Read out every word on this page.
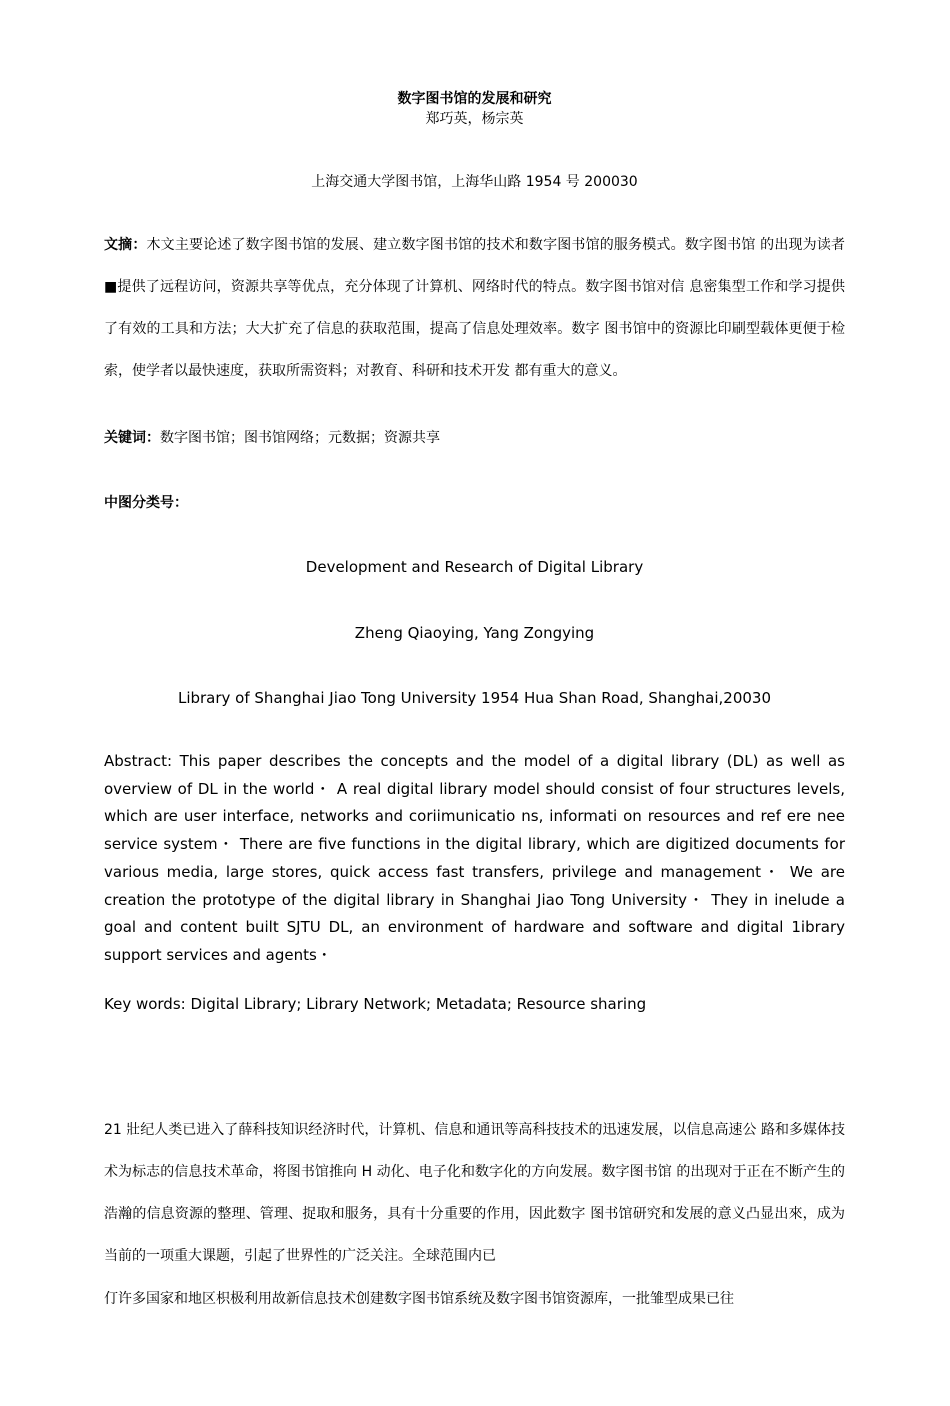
数字图书馆的发展和研究
郑巧英，杨宗英
上海交通大学图书馆，上海华山路 1954 号 200030
文摘：木文主要论述了数字图书馆的发展、建立数字图书馆的技术和数字图书馆的服务模式。数字图书馆 的出现为读者■提供了远程访问，资源共享等优点，充分体现了计算机、网络时代的特点。数字图书馆对信 息密集型工作和学习提供了有效的工具和方法；大大扩充了信息的获取范围，提高了信息处理效率。数字 图书馆中的资源比印刷型载体更便于检索，使学者以最快速度，获取所需资料；对教育、科研和技术开发 都有重大的意义。
关键词：数字图书馆；图书馆网络；元数据；资源共享
中图分类号：
Development and Research of Digital Library
Zheng Qiaoying, Yang Zongying
Library of Shanghai Jiao Tong University 1954 Hua Shan Road, Shanghai,20030
Abstract: This paper describes the concepts and the model of a digital library (DL) as well as overview of DL in the world・ A real digital library model should consist of four structures levels, which are user interface, networks and coriimunicatio ns, informati on resources and ref ere nee service system・ There are five functions in the digital library, which are digitized documents for various media, large stores, quick access fast transfers, privilege and management・ We are creation the prototype of the digital library in Shanghai Jiao Tong University・ They in inelude a goal and content built SJTU DL, an environment of hardware and software and digital 1ibrary support services and agents・
Key words: Digital Library; Library Network; Metadata; Resource sharing
21 壯纪人类已进入了薛科技知识经济时代，计算机、信息和通讯等高科技技术的迅速发展，以信息高速公 路和多媒体技术为标志的信息技术革命，将图书馆推向 H 动化、电子化和数字化的方向发展。数字图书馆 的出现对于正在不断产生的浩瀚的信息资源的整理、管理、捉取和服务，具有十分重要的作用，因此数字 图书馆研究和发展的意义凸显出來，成为当前的一项重大课题，引起了世界性的广泛关注。全球范围内已
仃许多国家和地区枳极利用故新信息技术创建数字图书馆系统及数字图书馆资源库，一批雏型成果已往
